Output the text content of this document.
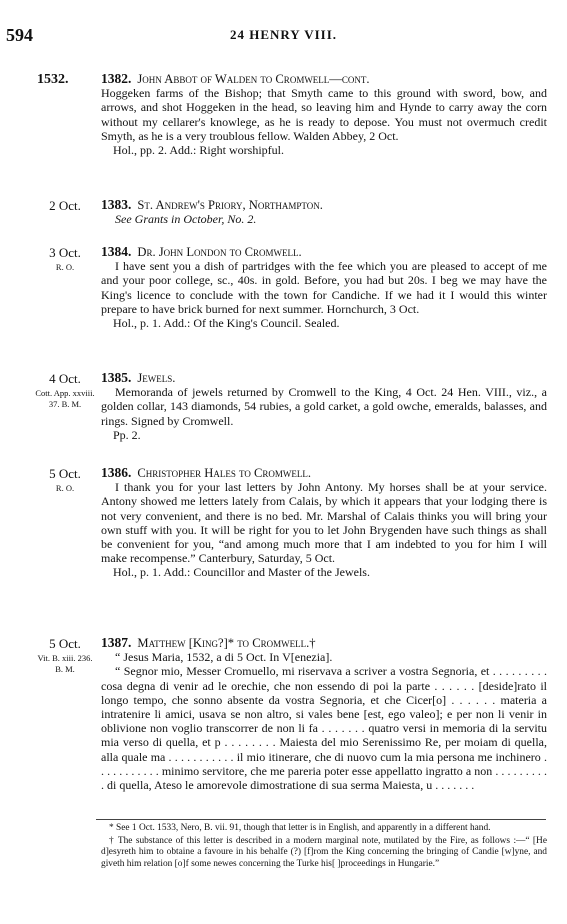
594	24 HENRY VIII.
1532. 1382. John Abbot of Walden to Cromwell—cont.

Hoggeken farms of the Bishop; that Smyth came to this ground with sword, bow, and arrows, and shot Hoggeken in the head, so leaving him and Hynde to carry away the corn without my cellarer's knowlege, as he is ready to depose. You must not overmuch credit Smyth, as he is a very troublous fellow. Walden Abbey, 2 Oct.

Hol., pp. 2. Add.: Right worshipful.

2 Oct.	1383. St. Andrew's Priory, Northampton.

See Grants in October, No. 2.

3 Oct.
R. O.
1384. Dr. John London to Cromwell.

I have sent you a dish of partridges with the fee which you are pleased to accept of me and your poor college, sc., 40s. in gold. Before, you had but 20s. I beg we may have the King's licence to conclude with the town for Candiche. If we had it I would this winter prepare to have brick burned for next summer. Hornchurch, 3 Oct.

Hol., p. 1. Add.: Of the King's Council. Sealed.

4 Oct.
Cott. App. xxviii. 37. B. M.
1385. Jewels.

Memoranda of jewels returned by Cromwell to the King, 4 Oct. 24 Hen. VIII., viz., a golden collar, 143 diamonds, 54 rubies, a gold carket, a gold owche, emeralds, balasses, and rings. Signed by Cromwell.

Pp. 2.

5 Oct.
R. O.
1386. Christopher Hales to Cromwell.

I thank you for your last letters by John Antony. My horses shall be at your service. Antony showed me letters lately from Calais, by which it appears that your lodging there is not very convenient, and there is no bed. Mr. Marshal of Calais thinks you will bring your own stuff with you. It will be right for you to let John Brygenden have such things as shall be convenient for you, “and among much more that I am indebted to you for him I will make recompense.” Canterbury, Saturday, 5 Oct.

Hol., p. 1. Add.: Councillor and Master of the Jewels.

5 Oct.
Vit. B. xiii. 236. B. M.
1387. Matthew [King?]* to Cromwell.†

“ Jesus Maria, 1532, a di 5 Oct. In V[enezia].

“ Segnor mio, Messer Cromuello, mi riservava a scriver a vostra Segnoria, et . . . . . . . . . cosa degna di venir ad le orechie, che non essendo di poi la parte . . . . . . [deside]rato il longo tempo, che sonno absente da vostra Segnoria, et che Cicer[o] . . . . . . materia a intratenire li amici, usava se non altro, si vales bene [est, ego valeo]; e per non li venir in oblivione non voglio transcorrer de non li fa . . . . . . . quatro versi in memoria di la servitu mia verso di quella, et p . . . . . . . . Maiesta del mio Serenissimo Re, per moiam di quella, alla quale ma . . . . . . . . . . . il mio itinerare, che di nuovo cum la mia persona me inchinero . . . . . . . . . . . minimo servitore, che me pareria poter esse appellatto ingratto a non . . . . . . . . . . di quella, Ateso le amorevole dimostratione di sua serma Maiesta, u . . . . . . .

* See 1 Oct. 1533, Nero, B. vii. 91, though that letter is in English, and apparently in a different hand.

† The substance of this letter is described in a modern marginal note, mutilated by the Fire, as follows :—“ [He d]esyreth him to obtaine a favoure in his behalfe (?) [f]rom the King concerning the bringing of Candie [w]yne, and giveth him relation [o]f some newes concerning the Turke his[ ]proceedings in Hungarie.”
